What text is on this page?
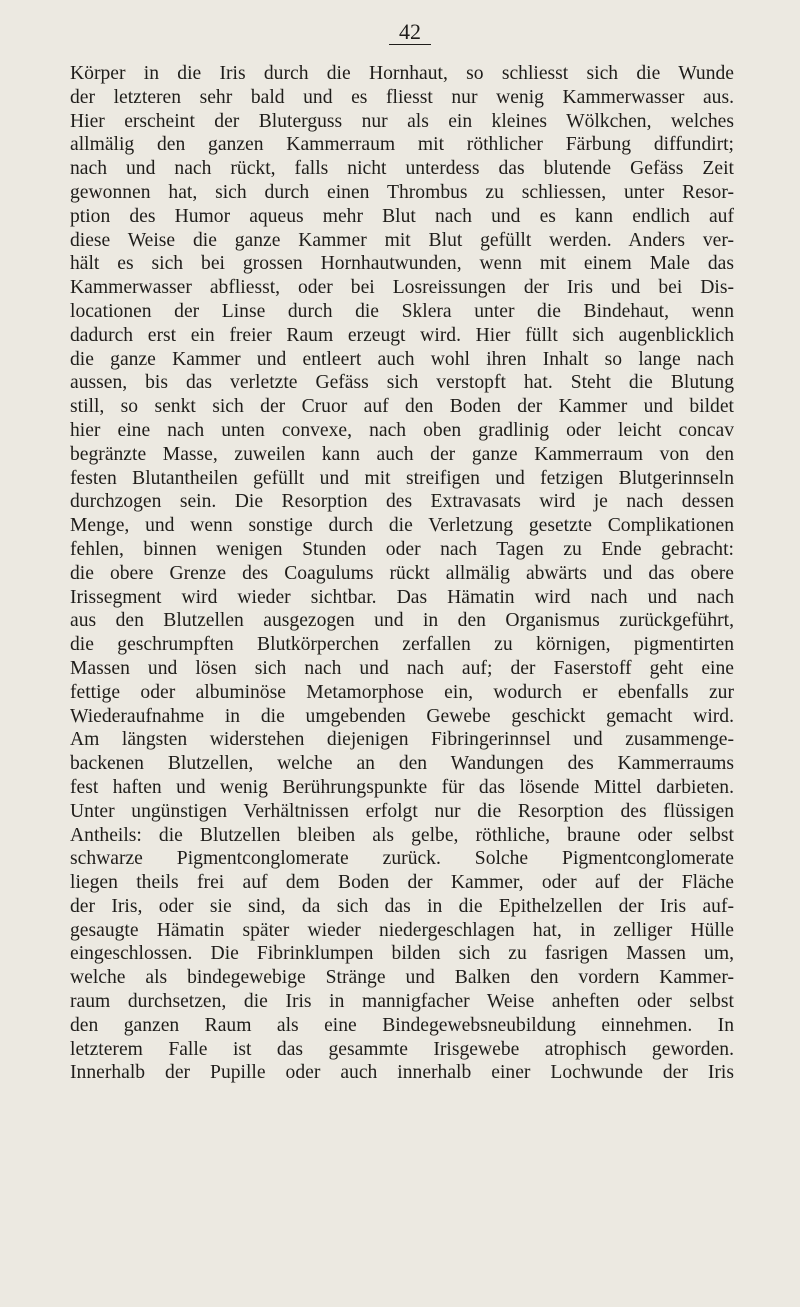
42
Körper in die Iris durch die Hornhaut, so schliesst sich die Wunde
der letzteren sehr bald und es fliesst nur wenig Kammerwasser aus.
Hier erscheint der Bluterguss nur als ein kleines Wölkchen, welches
allmälig den ganzen Kammerraum mit röthlicher Färbung diffundirt;
nach und nach rückt, falls nicht unterdess das blutende Gefäss Zeit
gewonnen hat, sich durch einen Thrombus zu schliessen, unter Resor-
ption des Humor aqueus mehr Blut nach und es kann endlich auf
diese Weise die ganze Kammer mit Blut gefüllt werden. Anders ver-
hält es sich bei grossen Hornhautwunden, wenn mit einem Male das
Kammerwasser abfliesst, oder bei Losreissungen der Iris und bei Dis-
locationen der Linse durch die Sklera unter die Bindehaut, wenn
dadurch erst ein freier Raum erzeugt wird. Hier füllt sich augenblicklich
die ganze Kammer und entleert auch wohl ihren Inhalt so lange nach
aussen, bis das verletzte Gefäss sich verstopft hat. Steht die Blutung
still, so senkt sich der Cruor auf den Boden der Kammer und bildet
hier eine nach unten convexe, nach oben gradlinig oder leicht concav
begränzte Masse, zuweilen kann auch der ganze Kammerraum von den
festen Blutantheilen gefüllt und mit streifigen und fetzigen Blutgerinnseln
durchzogen sein. Die Resorption des Extravasats wird je nach dessen
Menge, und wenn sonstige durch die Verletzung gesetzte Complikationen
fehlen, binnen wenigen Stunden oder nach Tagen zu Ende gebracht:
die obere Grenze des Coagulums rückt allmälig abwärts und das obere
Irissegment wird wieder sichtbar. Das Hämatin wird nach und nach
aus den Blutzellen ausgezogen und in den Organismus zurückgeführt,
die geschrumpften Blutkörperchen zerfallen zu körnigen, pigmentirten
Massen und lösen sich nach und nach auf; der Faserstoff geht eine
fettige oder albuminöse Metamorphose ein, wodurch er ebenfalls zur
Wiederaufnahme in die umgebenden Gewebe geschickt gemacht wird.
Am längsten widerstehen diejenigen Fibringerinnsel und zusammenge-
backenen Blutzellen, welche an den Wandungen des Kammerraums
fest haften und wenig Berührungspunkte für das lösende Mittel darbieten.
Unter ungünstigen Verhältnissen erfolgt nur die Resorption des flüssigen
Antheils: die Blutzellen bleiben als gelbe, röthliche, braune oder selbst
schwarze Pigmentconglomerate zurück. Solche Pigmentconglomerate
liegen theils frei auf dem Boden der Kammer, oder auf der Fläche
der Iris, oder sie sind, da sich das in die Epithelzellen der Iris auf-
gesaugte Hämatin später wieder niedergeschlagen hat, in zelliger Hülle
eingeschlossen. Die Fibrinklumpen bilden sich zu fasrigen Massen um,
welche als bindegewebige Stränge und Balken den vordern Kammer-
raum durchsetzen, die Iris in mannigfacher Weise anheften oder selbst
den ganzen Raum als eine Bindegewebsneubildung einnehmen. In
letzterem Falle ist das gesammte Irisgewebe atrophisch geworden.
Innerhalb der Pupille oder auch innerhalb einer Lochwunde der Iris
